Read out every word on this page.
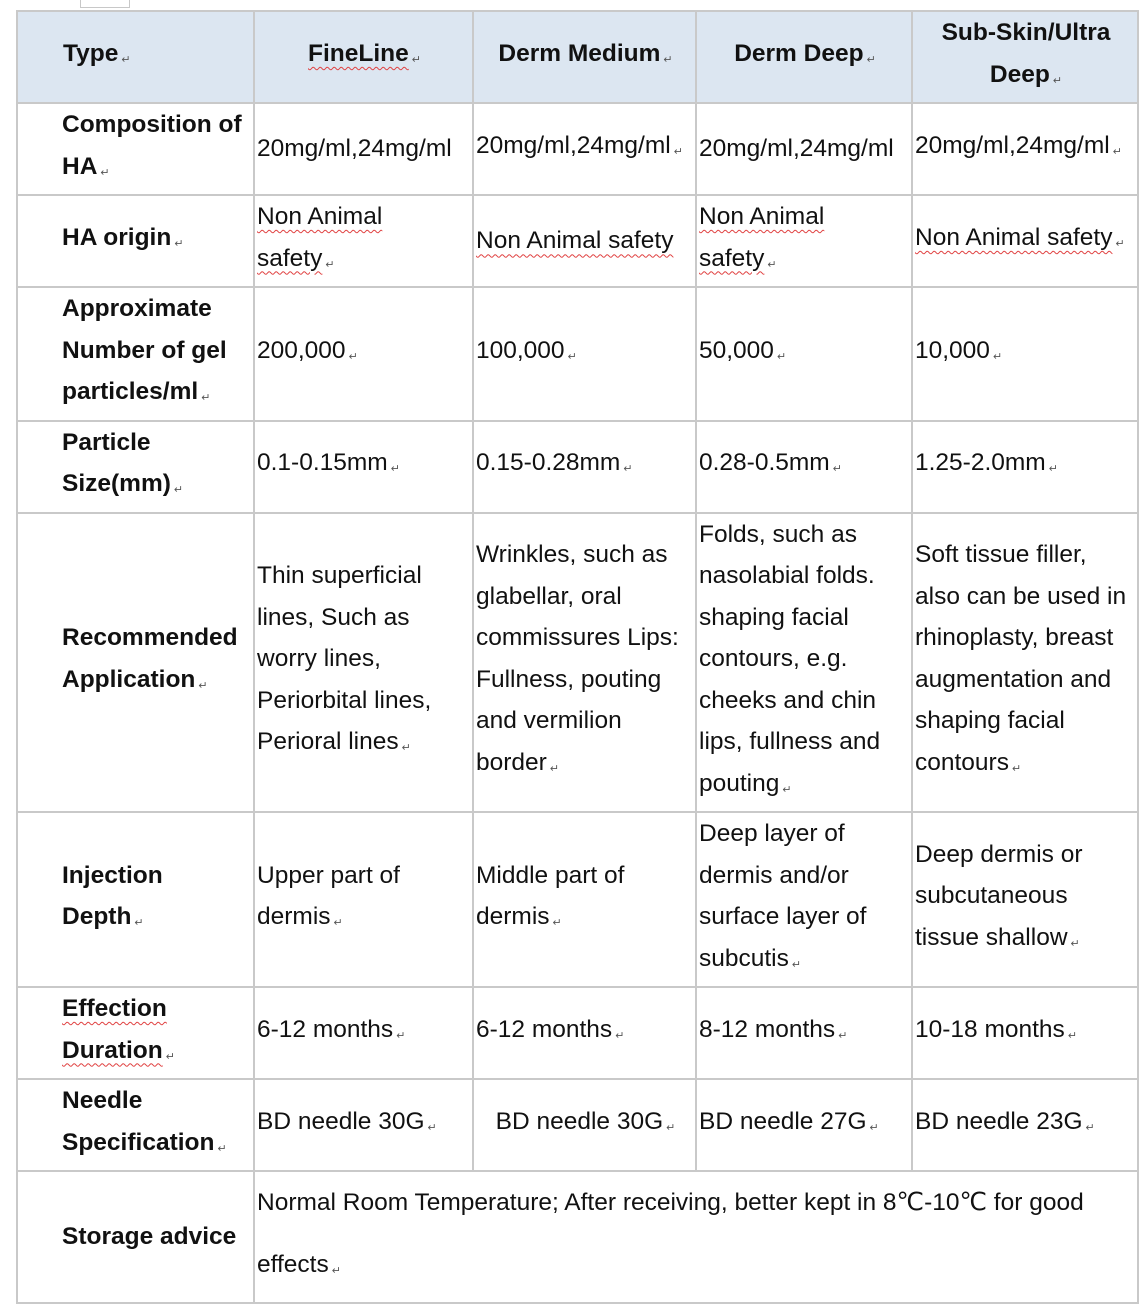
Type ↵	FineLine ↵	Derm Medium ↵	Derm Deep ↵	Sub-Skin/Ultra Deep ↵
Composition of HA ↵	20mg/ml,24mg/ml	20mg/ml,24mg/ml ↵	20mg/ml,24mg/ml	20mg/ml,24mg/ml ↵
HA origin ↵	Non Animal safety ↵	Non Animal safety	Non Animal safety ↵	Non Animal safety ↵
Approximate Number of gel particles/ml ↵	200,000 ↵	100,000 ↵	50,000 ↵	10,000 ↵
Particle Size(mm) ↵	0.1-0.15mm ↵	0.15-0.28mm ↵	0.28-0.5mm ↵	1.25-2.0mm ↵
Recommended Application ↵	Thin superficial lines, Such as worry lines, Periorbital lines, Perioral lines ↵	Wrinkles, such as glabellar, oral commissures Lips: Fullness, pouting and vermilion border ↵	Folds, such as nasolabial folds. shaping facial contours, e.g. cheeks and chin lips, fullness and pouting ↵	Soft tissue filler, also can be used in rhinoplasty, breast augmentation and shaping facial contours ↵
Injection Depth ↵	Upper part of dermis ↵	Middle part of dermis ↵	Deep layer of dermis and/or surface layer of subcutis ↵	Deep dermis or subcutaneous tissue shallow ↵
Effection Duration ↵	6-12 months ↵	6-12 months ↵	8-12 months ↵	10-18 months ↵
Needle Specification ↵	BD needle 30G ↵	BD needle 30G ↵	BD needle 27G ↵	BD needle 23G ↵
Storage advice	Normal Room Temperature; After receiving, better kept in 8℃-10℃ for good effects ↵			
